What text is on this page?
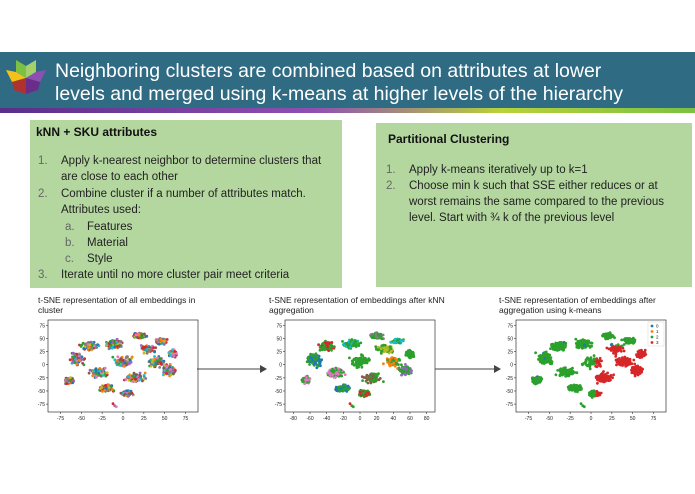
Neighboring clusters are combined based on attributes at lower
levels and merged using k-means at higher levels of the hierarchy
kNN + SKU attributes
1. Apply k-nearest neighbor to determine clusters that
are close to each other
2. Combine cluster if a number of attributes match.
Attributes used:
a. Features
b. Material
c. Style
3. Iterate until no more cluster pair meet criteria
Partitional Clustering
1. Apply k-means iteratively up to k=1
2. Choose min k such that SSE either reduces or at
worst remains the same compared to the previous
level. Start with ¾ k of the previous level
t-SNE representation of all embeddings in cluster
t-SNE representation of embeddings after kNN aggregation
t-SNE representation of embeddings after aggregation using k-means
75
50
25
0
-25
-50
-75
-75	-50	-25	0	25	50	75
75
50
25
0
-25
-50
-75
-80 -60 -40 -20 0 20 40 60 80
75
50
25
0
-25
-50
-75
-75	-50	-25	0	25	50	75
0
1
2
3
